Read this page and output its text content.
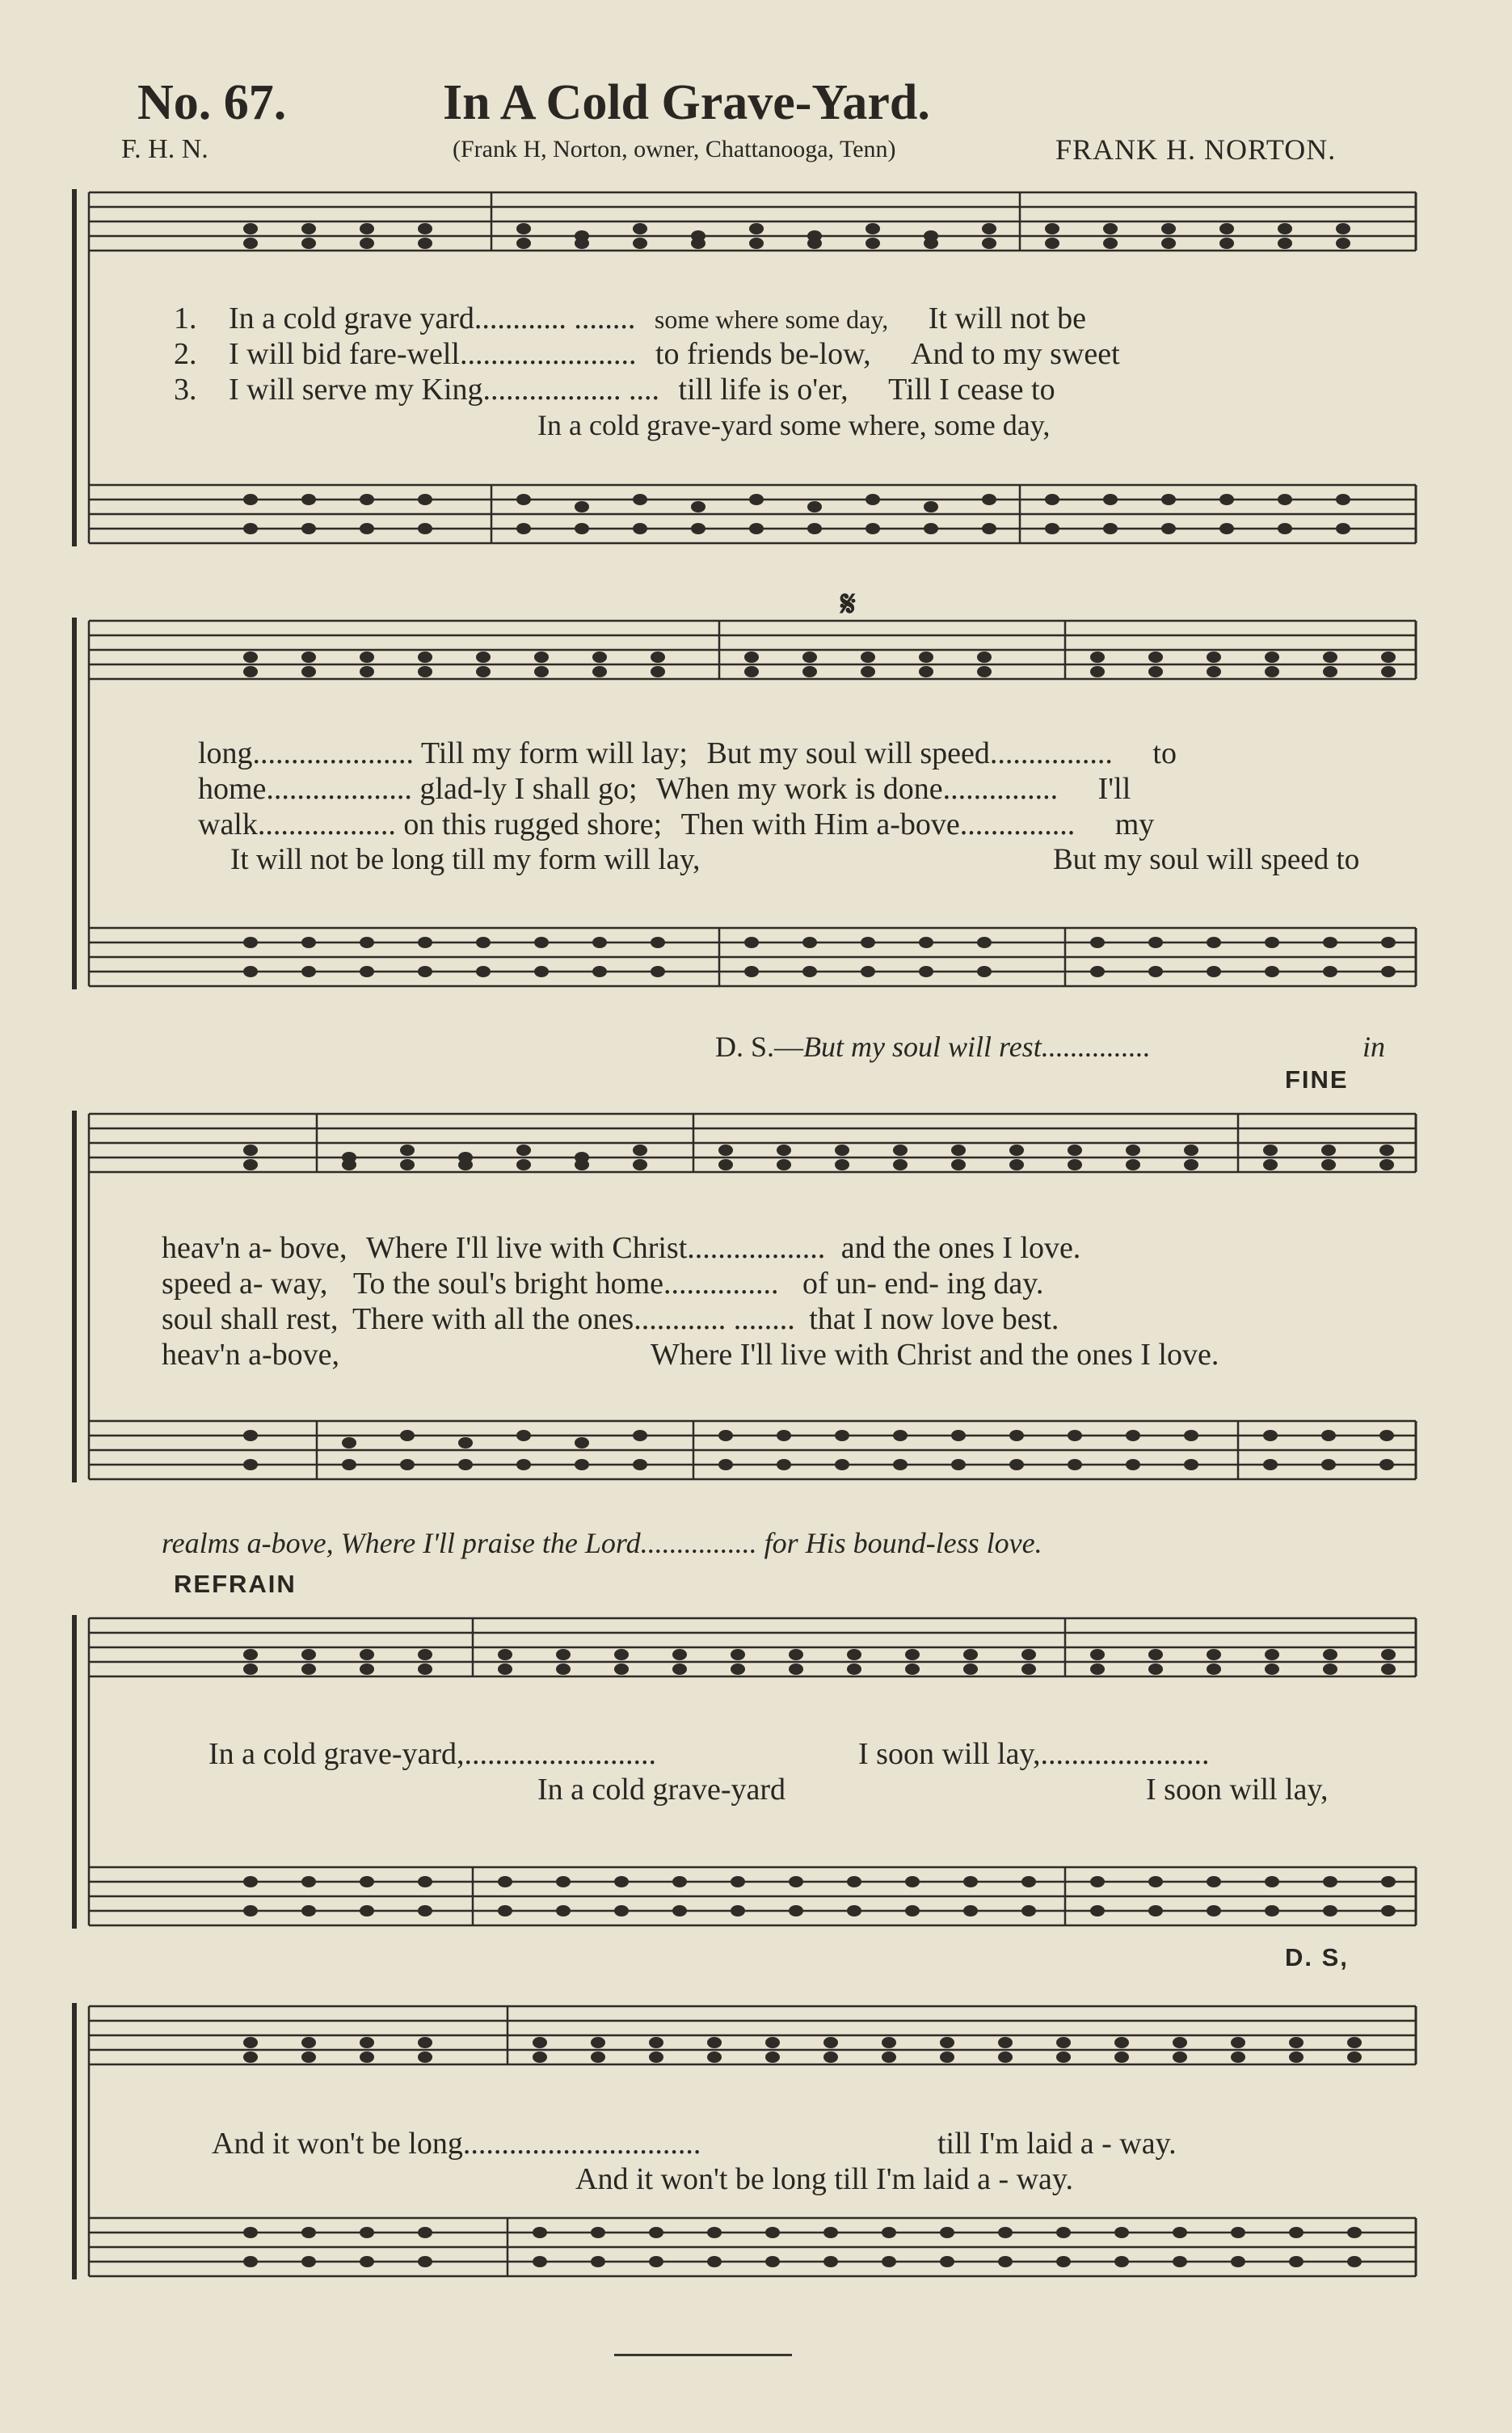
No. 67.	In A Cold Grave-Yard.
F. H. N.	(Frank H, Norton, owner, Chattanooga, Tenn)	FRANK H. NORTON.
1. In a cold grave yard............ ........ some where some day, It will not be
2. I will bid fare-well....................... to friends be-low, And to my sweet
3. I will serve my King.................. .... till life is o'er, Till I cease to
In a cold grave-yard some where, some day,
𝄋
long..................... Till my form will lay; But my soul will speed................ to
home................... glad-ly I shall go; When my work is done............... I'll
walk.................. on this rugged shore; Then with Him a-bove............... my
It will not be long till my form will lay,	But my soul will speed to
D. S.—But my soul will rest...............	in
FINE
heav'n a- bove, Where I'll live with Christ.................. and the ones I love.
speed a- way, To the soul's bright home............... of un- end- ing day.
soul shall rest, There with all the ones............ ........ that I now love best.
heav'n a-bove,	Where I'll live with Christ and the ones I love.
realms a-bove, Where I'll praise the Lord................ for His bound-less love.
REFRAIN
In a cold grave-yard,.........................	I soon will lay,......................
In a cold grave-yard	I soon will lay,
D. S,
And it won't be long...............................	till I'm laid a - way.
And it won't be long till I'm laid a - way.
